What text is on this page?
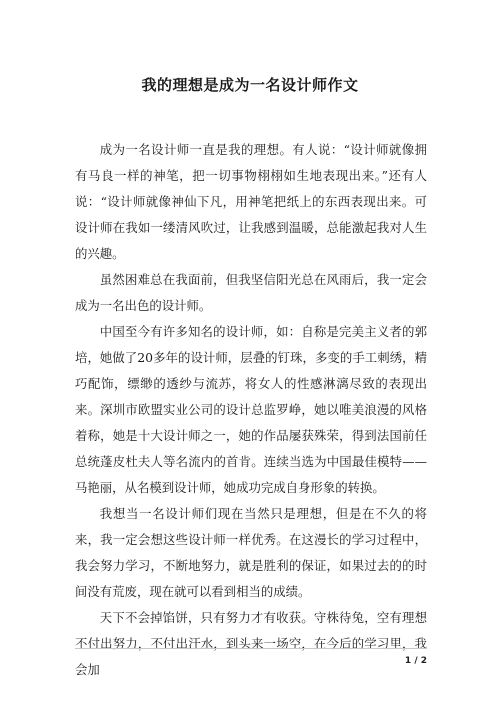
我的理想是成为一名设计师作文

成为一名设计师一直是我的理想。有人说：“设计师就像拥有马良一样的神笔，把一切事物栩栩如生地表现出来。”还有人说：“设计师就像神仙下凡，用神笔把纸上的东西表现出来。可设计师在我如一缕清风吹过，让我感到温暖，总能激起我对人生的兴趣。

虽然困难总在我面前，但我坚信阳光总在风雨后，我一定会成为一名出色的设计师。

中国至今有许多知名的设计师，如：自称是完美主义者的郭培，她做了20多年的设计师，层叠的钉珠，多变的手工刺绣，精巧配饰，缥缈的透纱与流苏，将女人的性感淋漓尽致的表现出来。深圳市欧盟实业公司的设计总监罗峥，她以唯美浪漫的风格着称，她是十大设计师之一，她的作品屡获殊荣，得到法国前任总统蓬皮杜夫人等名流内的首肯。连续当选为中国最佳模特——马艳丽，从名模到设计师，她成功完成自身形象的转换。

我想当一名设计师们现在当然只是理想，但是在不久的将来，我一定会想这些设计师一样优秀。在这漫长的学习过程中，我会努力学习，不断地努力，就是胜利的保证，如果过去的的时间没有荒废，现在就可以看到相当的成绩。

天下不会掉馅饼，只有努力才有收获。守株待兔，空有理想不付出努力，不付出汗水，到头来一场空，在今后的学习里，我会加

1 / 2
